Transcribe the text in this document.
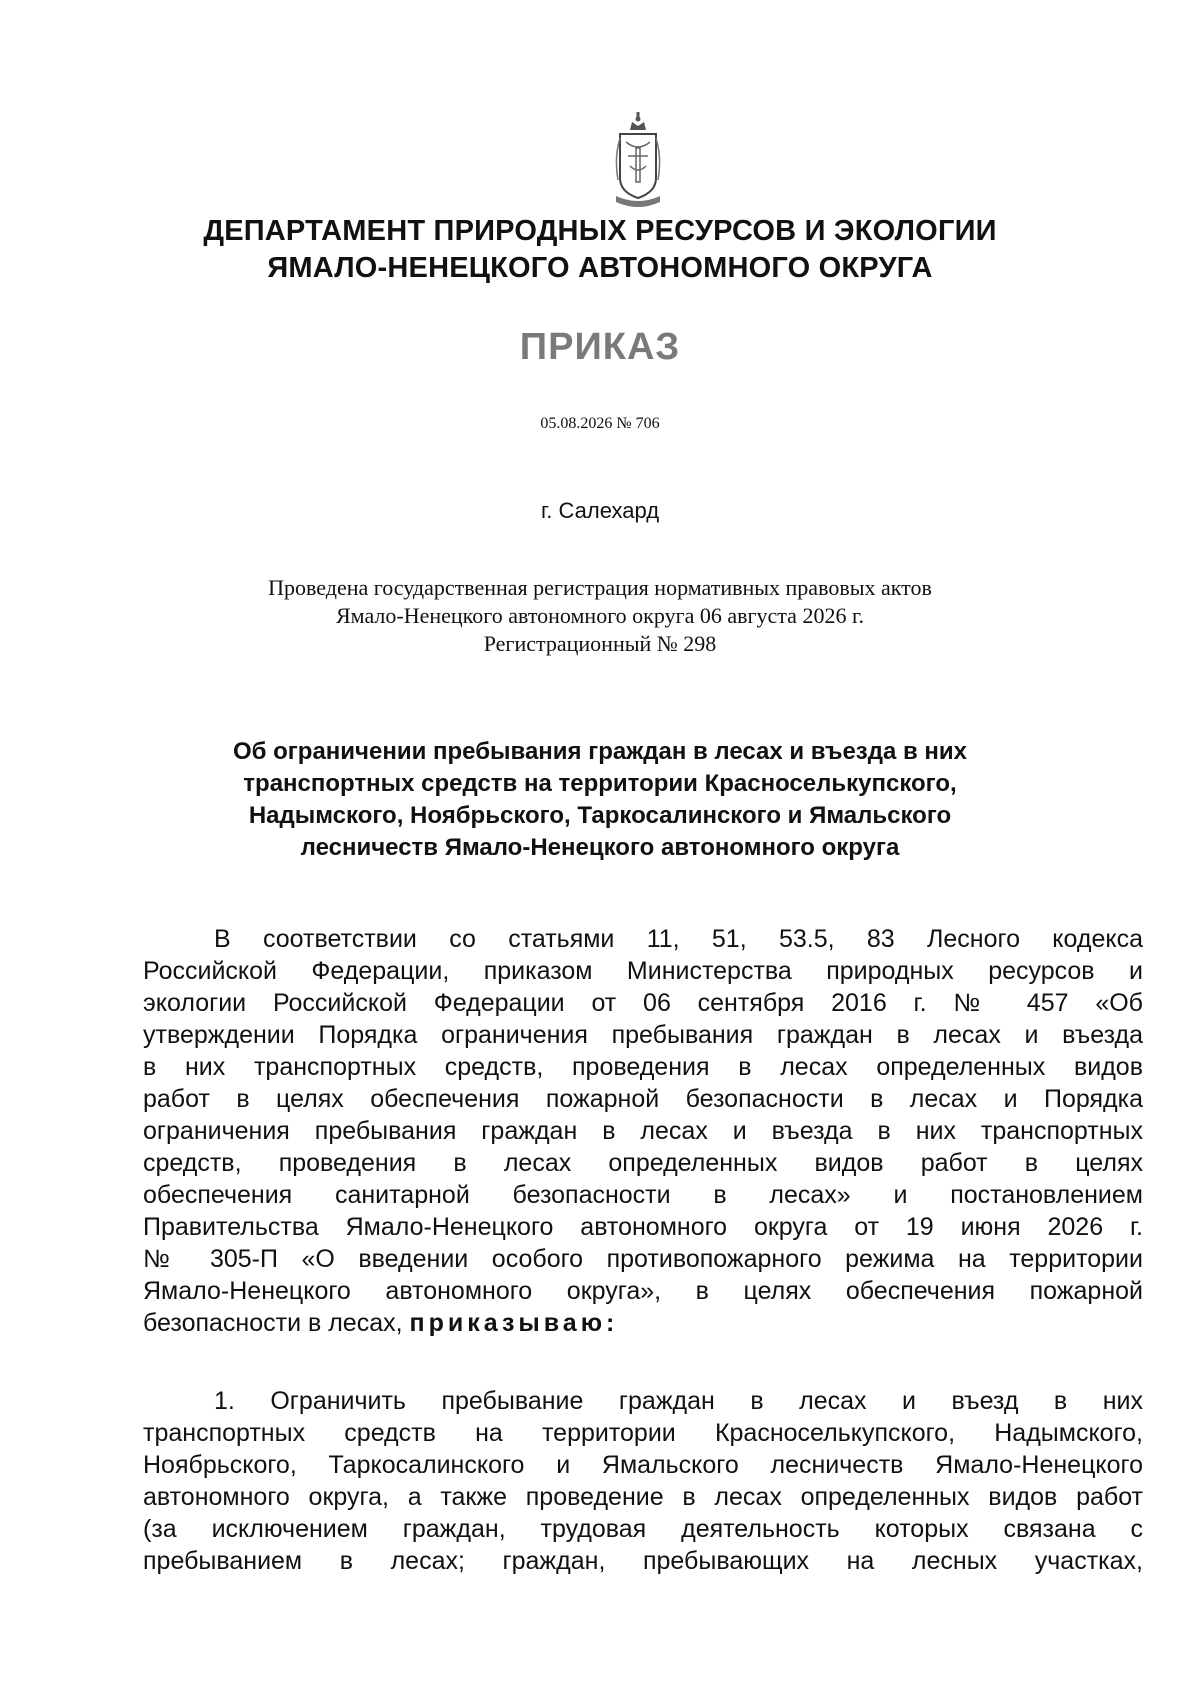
ДЕПАРТАМЕНТ ПРИРОДНЫХ РЕСУРСОВ И ЭКОЛОГИИ
ЯМАЛО-НЕНЕЦКОГО АВТОНОМНОГО ОКРУГА
ПРИКАЗ
05.08.2026 № 706
г. Салехард
Проведена государственная регистрация нормативных правовых актов
Ямало-Ненецкого автономного округа 06 августа 2026 г.
Регистрационный № 298
Об ограничении пребывания граждан в лесах и въезда в них
транспортных средств на территории Красноселькупского,
Надымского, Ноябрьского, Таркосалинского и Ямальского
лесничеств Ямало-Ненецкого автономного округа
В соответствии со статьями 11, 51, 53.5, 83 Лесного кодекса
Российской Федерации, приказом Министерства природных ресурсов и
экологии Российской Федерации от 06 сентября 2016 г. № 457 «Об
утверждении Порядка ограничения пребывания граждан в лесах и въезда
в них транспортных средств, проведения в лесах определенных видов
работ в целях обеспечения пожарной безопасности в лесах и Порядка
ограничения пребывания граждан в лесах и въезда в них транспортных
средств, проведения в лесах определенных видов работ в целях
обеспечения санитарной безопасности в лесах» и постановлением
Правительства Ямало-Ненецкого автономного округа от 19 июня 2026 г.
№ 305-П «О введении особого противопожарного режима на территории
Ямало-Ненецкого автономного округа», в целях обеспечения пожарной
безопасности в лесах, приказываю:
1. Ограничить пребывание граждан в лесах и въезд в них
транспортных средств на территории Красноселькупского, Надымского,
Ноябрьского, Таркосалинского и Ямальского лесничеств Ямало-Ненецкого
автономного округа, а также проведение в лесах определенных видов работ
(за исключением граждан, трудовая деятельность которых связана с
пребыванием в лесах; граждан, пребывающих на лесных участках,
